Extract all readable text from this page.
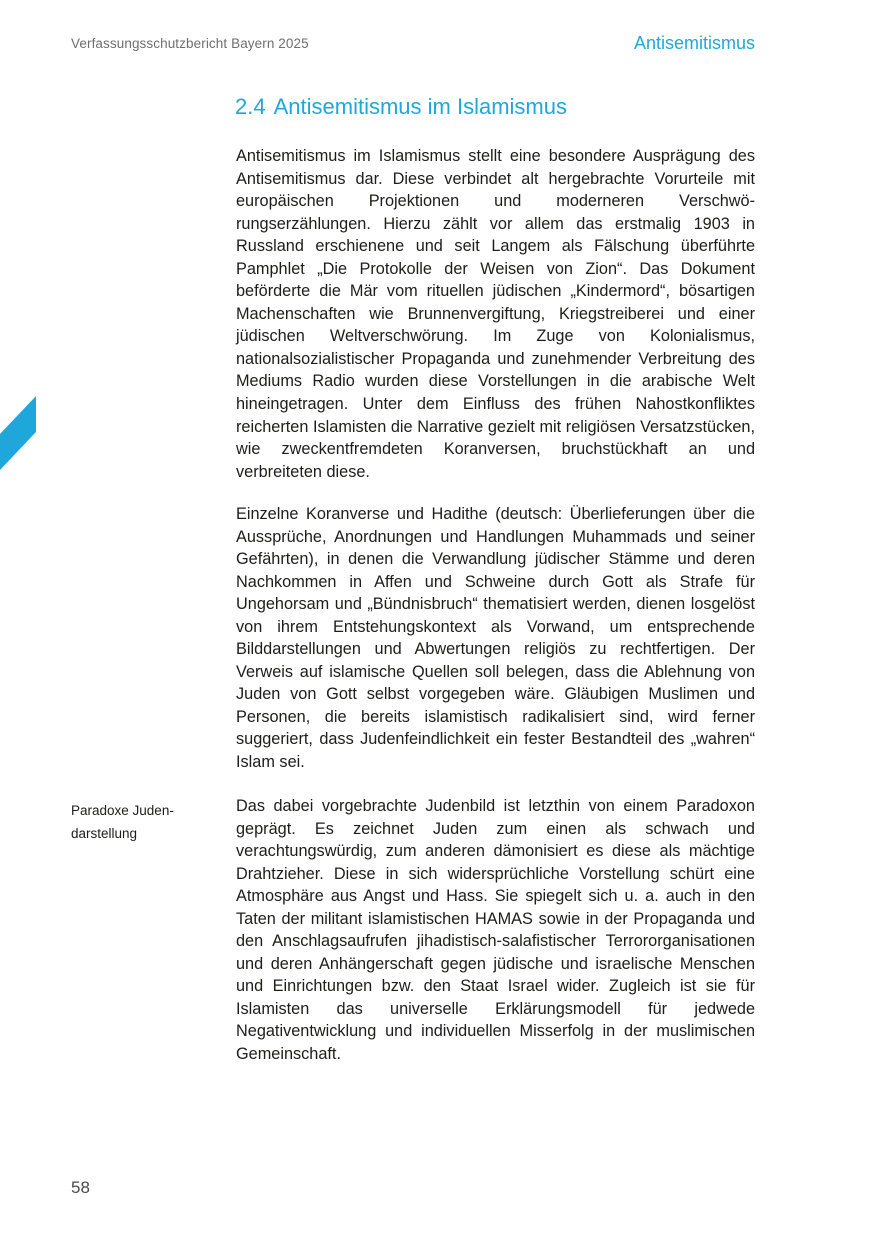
Verfassungsschutzbericht Bayern 2025	Antisemitismus
2.4 Antisemitismus im Islamismus

Antisemitismus im Islamismus stellt eine besondere Ausprägung des Antisemitismus dar. Diese verbindet alt hergebrachte Vorurteile mit europäischen Projektionen und moderneren Verschwörungserzählungen. Hierzu zählt vor allem das erstmalig 1903 in Russland erschienene und seit Langem als Fälschung überführte Pamphlet „Die Protokolle der Weisen von Zion“. Das Dokument beförderte die Mär vom rituellen jüdischen „Kindermord“, bösartigen Machenschaften wie Brunnenvergiftung, Kriegstreiberei und einer jüdischen Weltverschwörung. Im Zuge von Kolonialismus, nationalsozialistischer Propaganda und zunehmender Verbreitung des Mediums Radio wurden diese Vorstellungen in die arabische Welt hineingetragen. Unter dem Einfluss des frühen Nahostkonfliktes reicherten Islamisten die Narrative gezielt mit religiösen Versatzstücken, wie zweckentfremdeten Koranversen, bruchstückhaft an und verbreiteten diese.

Einzelne Koranverse und Hadithe (deutsch: Überlieferungen über die Aussprüche, Anordnungen und Handlungen Muhammads und seiner Gefährten), in denen die Verwandlung jüdischer Stämme und deren Nachkommen in Affen und Schweine durch Gott als Strafe für Ungehorsam und „Bündnisbruch“ thematisiert werden, dienen losgelöst von ihrem Entstehungskontext als Vorwand, um entsprechende Bilddarstellungen und Abwertungen religiös zu rechtfertigen. Der Verweis auf islamische Quellen soll belegen, dass die Ablehnung von Juden von Gott selbst vorgegeben wäre. Gläubigen Muslimen und Personen, die bereits islamistisch radikalisiert sind, wird ferner suggeriert, dass Judenfeindlichkeit ein fester Bestandteil des „wahren“ Islam sei.

Paradoxe Judendarstellung

Das dabei vorgebrachte Judenbild ist letzthin von einem Paradoxon geprägt. Es zeichnet Juden zum einen als schwach und verachtungswürdig, zum anderen dämonisiert es diese als mächtige Drahtzieher. Diese in sich widersprüchliche Vorstellung schürt eine Atmosphäre aus Angst und Hass. Sie spiegelt sich u. a. auch in den Taten der militant islamistischen HAMAS sowie in der Propaganda und den Anschlagsaufrufen jihadistisch-salafistischer Terrororganisationen und deren Anhängerschaft gegen jüdische und israelische Menschen und Einrichtungen bzw. den Staat Israel wider. Zugleich ist sie für Islamisten das universelle Erklärungsmodell für jedwede Negativentwicklung und individuellen Misserfolg in der muslimischen Gemeinschaft.

58
